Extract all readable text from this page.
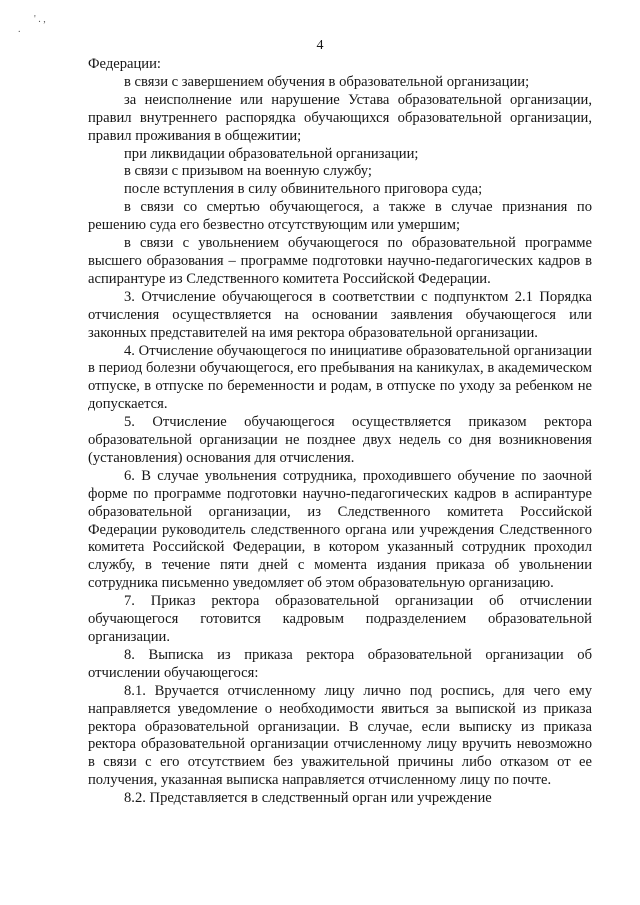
' . ,
.
4

Федерации:

в связи с завершением обучения в образовательной организации;

за неисполнение или нарушение Устава образовательной организации, правил внутреннего распорядка обучающихся образовательной организации, правил проживания в общежитии;

при ликвидации образовательной организации;

в связи с призывом на военную службу;

после вступления в силу обвинительного приговора суда;

в связи со смертью обучающегося, а также в случае признания по решению суда его безвестно отсутствующим или умершим;

в связи с увольнением обучающегося по образовательной программе высшего образования – программе подготовки научно-педагогических кадров в аспирантуре из Следственного комитета Российской Федерации.

3. Отчисление обучающегося в соответствии с подпунктом 2.1 Порядка отчисления осуществляется на основании заявления обучающегося или законных представителей на имя ректора образовательной организации.

4. Отчисление обучающегося по инициативе образовательной организации в период болезни обучающегося, его пребывания на каникулах, в академическом отпуске, в отпуске по беременности и родам, в отпуске по уходу за ребенком не допускается.

5. Отчисление обучающегося осуществляется приказом ректора образовательной организации не позднее двух недель со дня возникновения (установления) основания для отчисления.

6. В случае увольнения сотрудника, проходившего обучение по заочной форме по программе подготовки научно-педагогических кадров в аспирантуре образовательной организации, из Следственного комитета Российской Федерации руководитель следственного органа или учреждения Следственного комитета Российской Федерации, в котором указанный сотрудник проходил службу, в течение пяти дней с момента издания приказа об увольнении сотрудника письменно уведомляет об этом образовательную организацию.

7. Приказ ректора образовательной организации об отчислении обучающегося готовится кадровым подразделением образовательной организации.

8. Выписка из приказа ректора образовательной организации об отчислении обучающегося:

8.1. Вручается отчисленному лицу лично под роспись, для чего ему направляется уведомление о необходимости явиться за выпиской из приказа ректора образовательной организации. В случае, если выписку из приказа ректора образовательной организации отчисленному лицу вручить невозможно в связи с его отсутствием без уважительной причины либо отказом от ее получения, указанная выписка направляется отчисленному лицу по почте.

8.2. Представляется в следственный орган или учреждение
